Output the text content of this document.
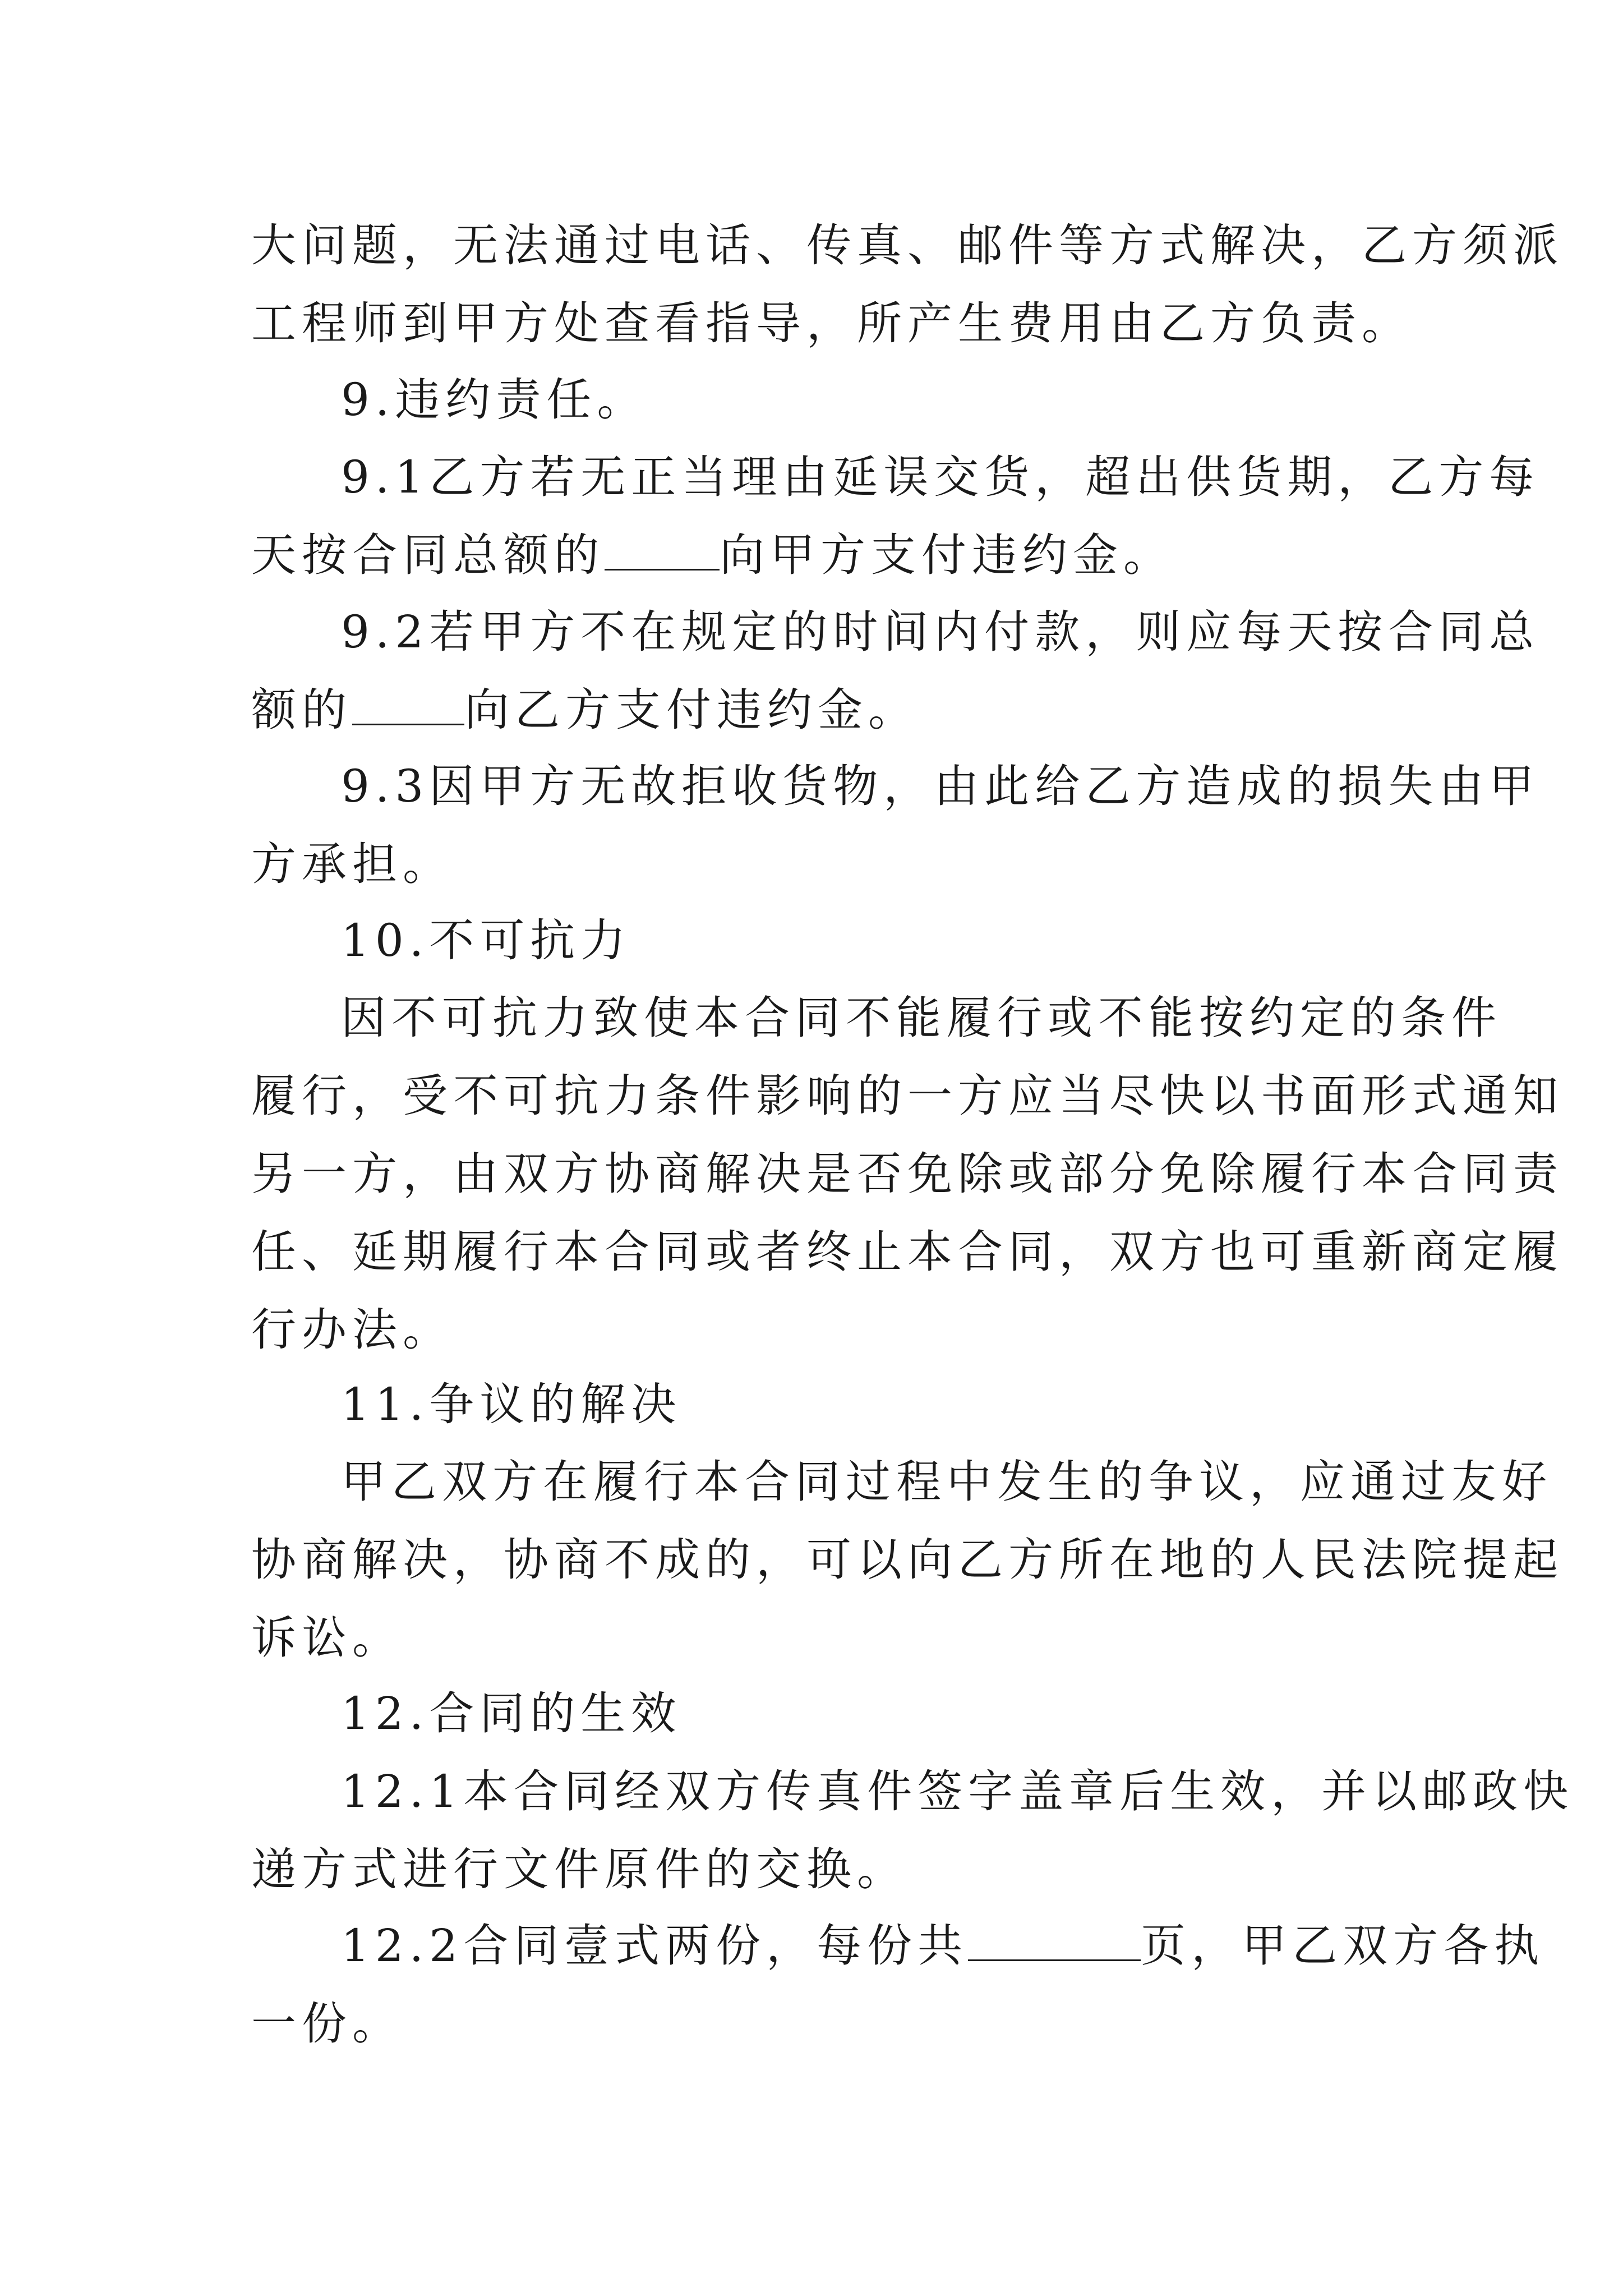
大问题，无法通过电话、传真、邮件等方式解决，乙方须派
工程师到甲方处查看指导，所产生费用由乙方负责。
9.违约责任。
9.1乙方若无正当理由延误交货，超出供货期，乙方每
天按合同总额的	向甲方支付违约金。
9.2若甲方不在规定的时间内付款，则应每天按合同总
额的	向乙方支付违约金。
9.3因甲方无故拒收货物，由此给乙方造成的损失由甲
方承担。
10.不可抗力
因不可抗力致使本合同不能履行或不能按约定的条件
履行，受不可抗力条件影响的一方应当尽快以书面形式通知
另一方，由双方协商解决是否免除或部分免除履行本合同责
任、延期履行本合同或者终止本合同，双方也可重新商定履
行办法。
11.争议的解决
甲乙双方在履行本合同过程中发生的争议，应通过友好
协商解决，协商不成的，可以向乙方所在地的人民法院提起
诉讼。
12.合同的生效
12.1本合同经双方传真件签字盖章后生效，并以邮政快
递方式进行文件原件的交换。
12.2合同壹式两份，每份共	页，甲乙双方各执
一份。
